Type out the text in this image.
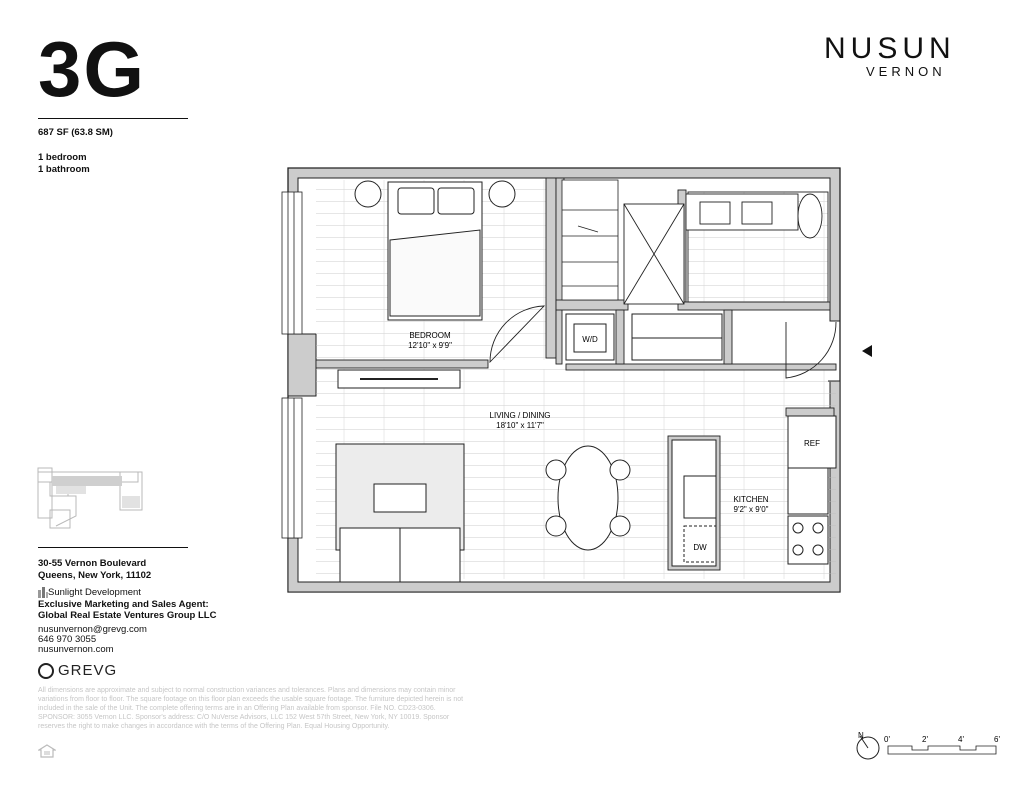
3G
687 SF (63.8 SM)
1 bedroom
1 bathroom
NUSUN
VERNON
30-55 Vernon Boulevard
Queens, New York, 11102
Sunlight Development
Exclusive Marketing and Sales Agent:
Global Real Estate Ventures Group LLC
nusunvernon@grevg.com
646 970 3055
nusunvernon.com
GREVG
All dimensions are approximate and subject to normal construction variances and tolerances. Plans and dimensions may contain minor variations from floor to floor. The square footage on this floor plan exceeds the usable square footage. The furniture depicted herein is not included in the sale of the Unit. The complete offering terms are in an Offering Plan available from sponsor. File NO. CD23-0306. SPONSOR: 3055 Vernon LLC. Sponsor's address: C/O NuVerse Advisors, LLC 152 West 57th Street, New York, NY 10019. Sponsor reserves the right to make changes in accordance with the terms of the Offering Plan. Equal Housing Opportunity.
W/D
DW
REF
BEDROOM
12'10" x 9'9"
LIVING / DINING
18'10" x 11'7"
KITCHEN
9'2" x 9'0"
N	0'	2'	4'	6'
